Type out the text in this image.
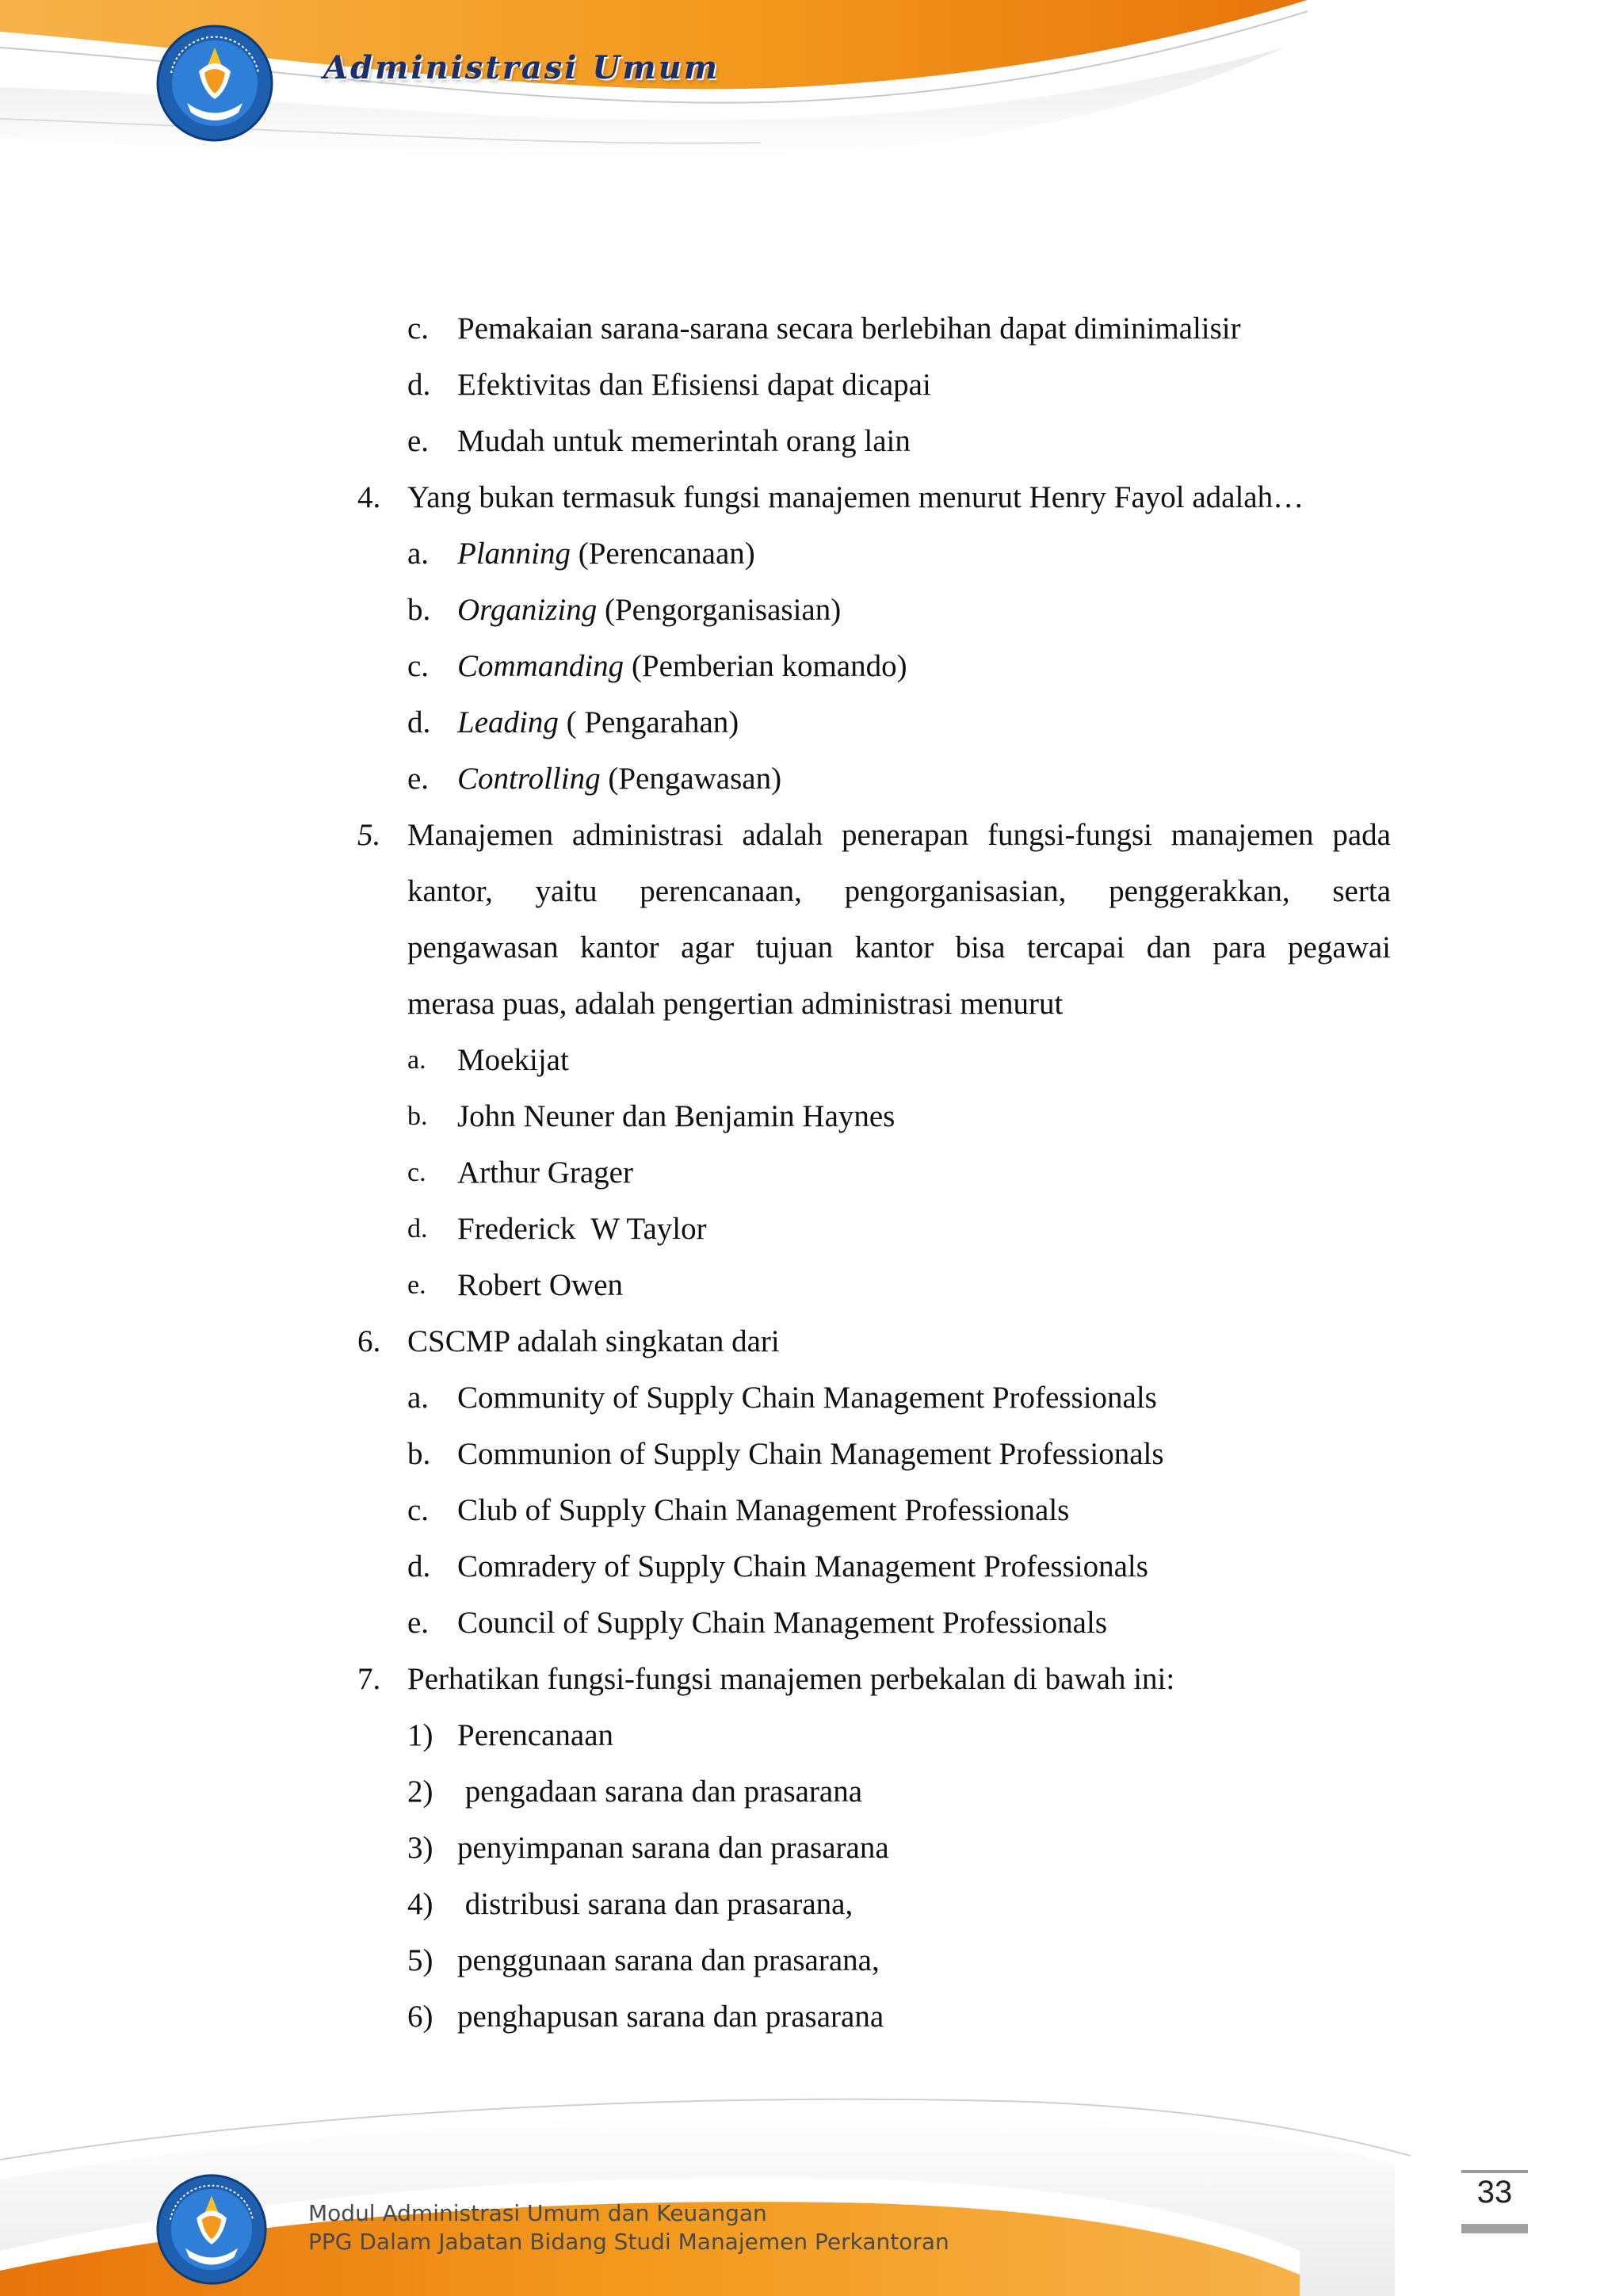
Administrasi Umum
c. Pemakaian sarana-sarana secara berlebihan dapat diminimalisir
d. Efektivitas dan Efisiensi dapat dicapai
e. Mudah untuk memerintah orang lain
4. Yang bukan termasuk fungsi manajemen menurut Henry Fayol adalah…
a. Planning (Perencanaan)
b. Organizing (Pengorganisasian)
c. Commanding (Pemberian komando)
d. Leading ( Pengarahan)
e. Controlling (Pengawasan)
5. Manajemen administrasi adalah penerapan fungsi-fungsi manajemen pada
kantor, yaitu perencanaan, pengorganisasian, penggerakkan, serta
pengawasan kantor agar tujuan kantor bisa tercapai dan para pegawai
merasa puas, adalah pengertian administrasi menurut
a. Moekijat
b. John Neuner dan Benjamin Haynes
c. Arthur Grager
d. Frederick  W Taylor
e. Robert Owen
6. CSCMP adalah singkatan dari
a. Community of Supply Chain Management Professionals
b. Communion of Supply Chain Management Professionals
c. Club of Supply Chain Management Professionals
d. Comradery of Supply Chain Management Professionals
e. Council of Supply Chain Management Professionals
7. Perhatikan fungsi-fungsi manajemen perbekalan di bawah ini:
1) Perencanaan
2) pengadaan sarana dan prasarana
3) penyimpanan sarana dan prasarana
4) distribusi sarana dan prasarana,
5) penggunaan sarana dan prasarana,
6) penghapusan sarana dan prasarana
Modul Administrasi Umum dan Keuangan
PPG Dalam Jabatan Bidang Studi Manajemen Perkantoran
33
